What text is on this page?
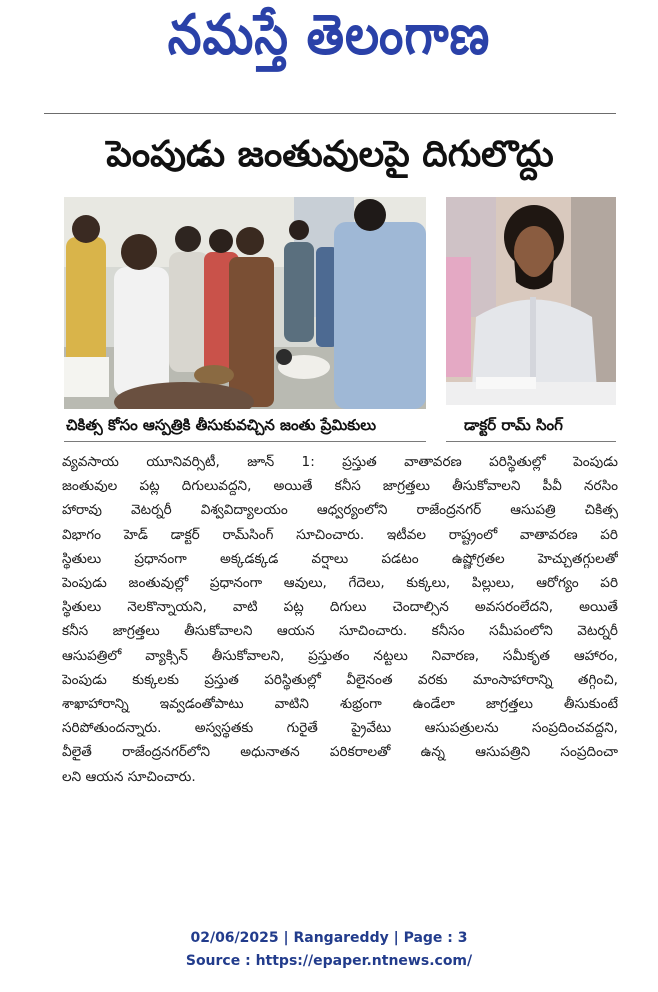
నమస్తే తెలంగాణ
పెంపుడు జంతువులపై దిగులొద్దు
చికిత్స కోసం ఆస్పత్రికి తీసుకువచ్చిన జంతు ప్రేమికులు	డాక్టర్ రామ్ సింగ్
వ్యవసాయ యూనివర్సిటీ, జూన్ 1: ప్రస్తుత వాతావరణ పరిస్థితుల్లో పెంపుడు
జంతువుల పట్ల దిగులువద్దని, అయితే కనీస జాగ్రత్తలు తీసుకోవాలని పీవీ నరసిం
హారావు వెటర్నరీ విశ్వవిద్యాలయం ఆధ్వర్యంలోని రాజేంద్రనగర్ ఆసుపత్రి చికిత్స
విభాగం హెడ్ డాక్టర్ రామ్‌సింగ్ సూచించారు. ఇటీవల రాష్ట్రంలో వాతావరణ పరి
స్థితులు ప్రధానంగా అక్కడక్కడ వర్షాలు పడటం ఉష్ణోగ్రతల హెచ్చుతగ్గులతో
పెంపుడు జంతువుల్లో ప్రధానంగా ఆవులు, గేదెలు, కుక్కలు, పిల్లులు, ఆరోగ్యం పరి
స్థితులు నెలకొన్నాయని, వాటి పట్ల దిగులు చెందాల్సిన అవసరంలేదని, అయితే
కనీస జాగ్రత్తలు తీసుకోవాలని ఆయన సూచించారు. కనీసం సమీపంలోని వెటర్నరీ
ఆసుపత్రిలో వ్యాక్సిన్ తీసుకోవాలని, ప్రస్తుతం నట్టలు నివారణ, సమీకృత ఆహారం,
పెంపుడు కుక్కలకు ప్రస్తుత పరిస్థితుల్లో వీలైనంత వరకు మాంసాహారాన్ని తగ్గించి,
శాఖాహారాన్ని ఇవ్వడంతోపాటు వాటిని శుభ్రంగా ఉండేలా జాగ్రత్తలు తీసుకుంటే
సరిపోతుందన్నారు. అస్వస్థతకు గురైతే ప్రైవేటు ఆసుపత్రులను సంప్రదించవద్దని,
వీలైతే రాజేంద్రనగర్‌లోని అధునాతన పరికరాలతో ఉన్న ఆసుపత్రిని సంప్రదించా
లని ఆయన సూచించారు.
02/06/2025 | Rangareddy | Page : 3
Source : https://epaper.ntnews.com/
